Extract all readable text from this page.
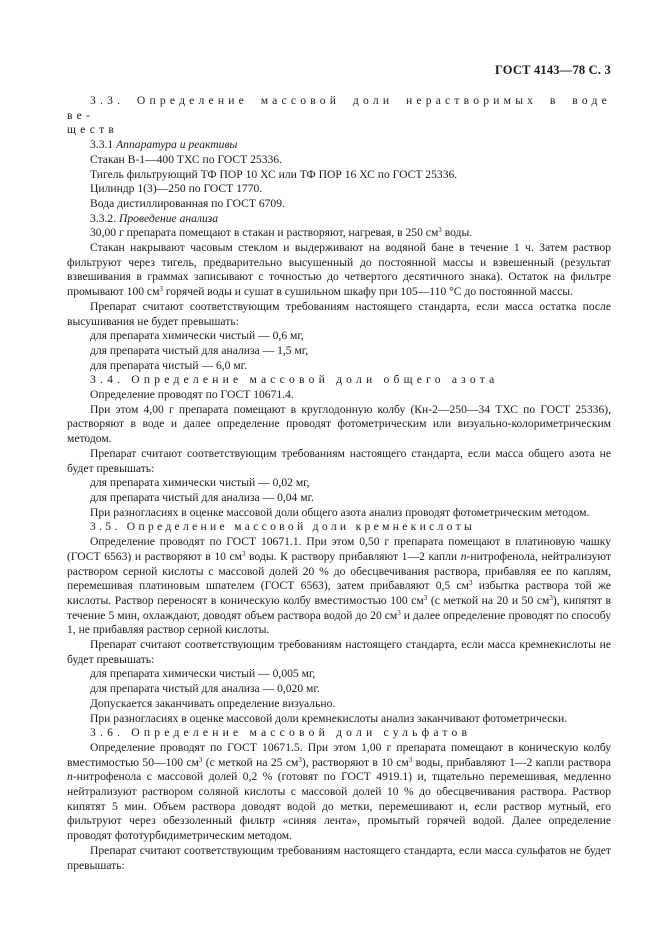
ГОСТ 4143—78 С. 3

3.3. Определение массовой доли нерастворимых в воде ве-

ществ

3.3.1 Аппаратура и реактивы

Стакан В-1—400 ТХС по ГОСТ 25336.

Тигель фильтрующий ТФ ПОР 10 ХС или ТФ ПОР 16 ХС по ГОСТ 25336.

Цилиндр 1(3)—250 по ГОСТ 1770.

Вода дистиллированная по ГОСТ 6709.

3.3.2. Проведение анализа

30,00 г препарата помещают в стакан и растворяют, нагревая, в 250 $см^3$ воды.

Стакан накрывают часовым стеклом и выдерживают на водяной бане в течение 1 ч. Затем раствор фильтруют через тигель, предварительно высушенный до постоянной массы и взвешенный (результат взвешивания в граммах записывают с точностью до четвертого десятичного знака). Остаток на фильтре промывают 100 $см^3$ горячей воды и сушат в сушильном шкафу при 105—110 °С до постоянной массы.

Препарат считают соответствующим требованиям настоящего стандарта, если масса остатка после высушивания не будет превышать:

для препарата химически чистый — 0,6 мг,

для препарата чистый для анализа — 1,5 мг,

для препарата чистый — 6,0 мг.

3.4. Определение массовой доли общего азота

Определение проводят по ГОСТ 10671.4.

При этом 4,00 г препарата помещают в круглодонную колбу (Кн-2—250—34 ТХС по ГОСТ 25336), растворяют в воде и далее определение проводят фотометрическим или визуально-колориметрическим методом.

Препарат считают соответствующим требованиям настоящего стандарта, если масса общего азота не будет превышать:

для препарата химически чистый — 0,02 мг,

для препарата чистый для анализа — 0,04 мг.

При разногласиях в оценке массовой доли общего азота анализ проводят фотометрическим методом.

3.5. Определение массовой доли кремнекислоты

Определение проводят по ГОСТ 10671.1. При этом 0,50 г препарата помещают в платиновую чашку (ГОСТ 6563) и растворяют в 10 $см^3$ воды. К раствору прибавляют 1—2 капли n-нитрофенола, нейтрализуют раствором серной кислоты с массовой долей 20 % до обесцвечивания раствора, прибавляя ее по каплям, перемешивая платиновым шпателем (ГОСТ 6563), затем прибавляют 0,5 $см^3$ избытка раствора той же кислоты. Раствор переносят в коническую колбу вместимостью 100 $см^3$ (с меткой на 20 и 50 $см^3$), кипятят в течение 5 мин, охлаждают, доводят объем раствора водой до 20 $см^3$ и далее определение проводят по способу 1, не прибавляя раствор серной кислоты.

Препарат считают соответствующим требованиям настоящего стандарта, если масса кремнекислоты не будет превышать:

для препарата химически чистый — 0,005 мг,

для препарата чистый для анализа — 0,020 мг.

Допускается заканчивать определение визуально.

При разногласиях в оценке массовой доли кремнекислоты анализ заканчивают фотометрически.

3.6. Определение массовой доли сульфатов

Определение проводят по ГОСТ 10671.5. При этом 1,00 г препарата помещают в коническую колбу вместимостью 50—100 $см^3$ (с меткой на 25 $см^3$), растворяют в 10 $см^3$ воды, прибавляют 1—2 капли раствора n-нитрофенола с массовой долей 0,2 % (готовят по ГОСТ 4919.1) и, тщательно перемешивая, медленно нейтрализуют раствором соляной кислоты с массовой долей 10 % до обесцвечивания раствора. Раствор кипятят 5 мин. Объем раствора доводят водой до метки, перемешивают и, если раствор мутный, его фильтруют через обеззоленный фильтр «синяя лента», промытый горячей водой. Далее определение проводят фототурбидиметрическим методом.

Препарат считают соответствующим требованиям настоящего стандарта, если масса сульфатов не будет превышать:
